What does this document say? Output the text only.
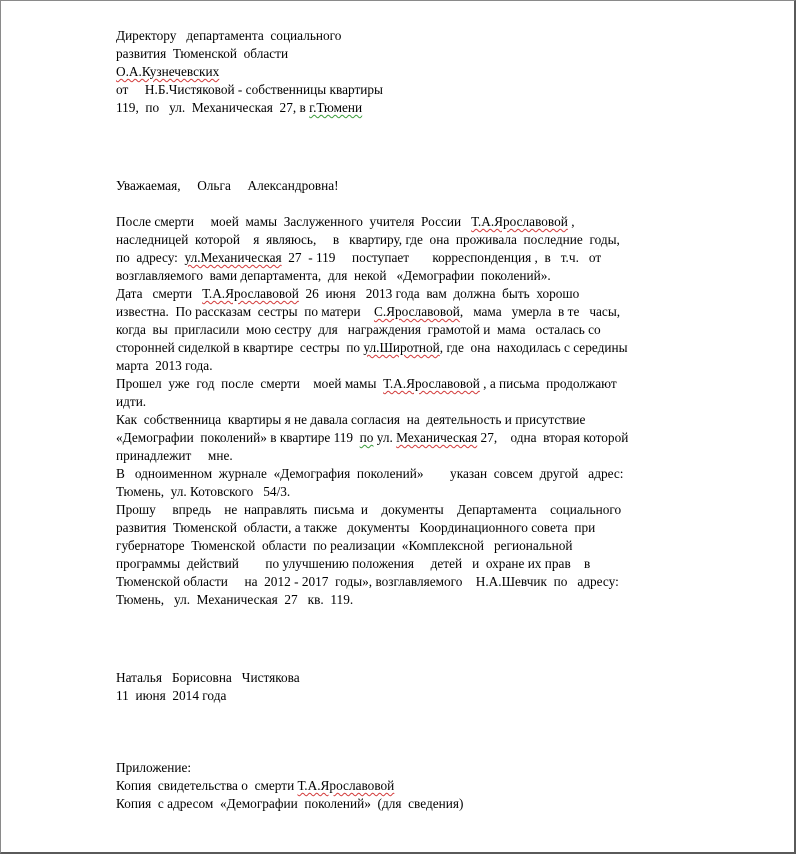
Директору   департамента  социального
развития  Тюменской  области
О.А.Кузнечевских
от     Н.Б.Чистяковой - собственницы квартиры
119,  по   ул.  Механическая  27, в г.Тюмени
Уважаемая,     Ольга     Александровна!
После смерти     моей  мамы  Заслуженного  учителя  России   Т.А.Ярославовой ,
наследницей  которой    я  являюсь,     в   квартиру, где  она  проживала  последние  годы,
по  адресу:  ул.Механическая  27  - 119     поступает       корреспонденция ,  в   т.ч.   от
возглавляемого  вами департамента,  для  некой   «Демографии  поколений».
Дата   смерти   Т.А.Ярославовой  26  июня   2013 года  вам  должна  быть  хорошо
известна.  По рассказам  сестры  по матери    С.Ярославовой,   мама   умерла  в те   часы,
когда  вы  пригласили  мою сестру  для   награждения  грамотой и  мама   осталась со
сторонней сиделкой в квартире  сестры  по ул.Широтной, где  она  находилась с середины
марта  2013 года.
Прошел  уже  год  после  смерти    моей мамы  Т.А.Ярославовой , а письма  продолжают
идти.
Как  собственница  квартиры я не давала согласия  на  деятельность и присутствие
«Демографии  поколений» в квартире 119  по ул. Механическая 27,    одна  вторая которой
принадлежит     мне.
В   одноименном  журнале  «Демография  поколений»        указан  совсем  другой   адрес:
Тюмень,  ул. Котовского   54/3.
Прошу     впредь    не  направлять  письма  и    документы    Департамента    социального
развития  Тюменской  области, а также   документы   Координационного совета  при
губернаторе  Тюменской  области  по реализации  «Комплексной   региональной
программы  действий        по улучшению положения     детей   и  охране их прав    в
Тюменской области     на  2012 - 2017  годы», возглавляемого    Н.А.Шевчик  по   адресу:
Тюмень,   ул.  Механическая  27   кв.  119.
Наталья   Борисовна   Чистякова
11  июня  2014 года
Приложение:
Копия  свидетельства о  смерти Т.А.Ярославовой
Копия  с адресом  «Демографии  поколений»  (для  сведения)
